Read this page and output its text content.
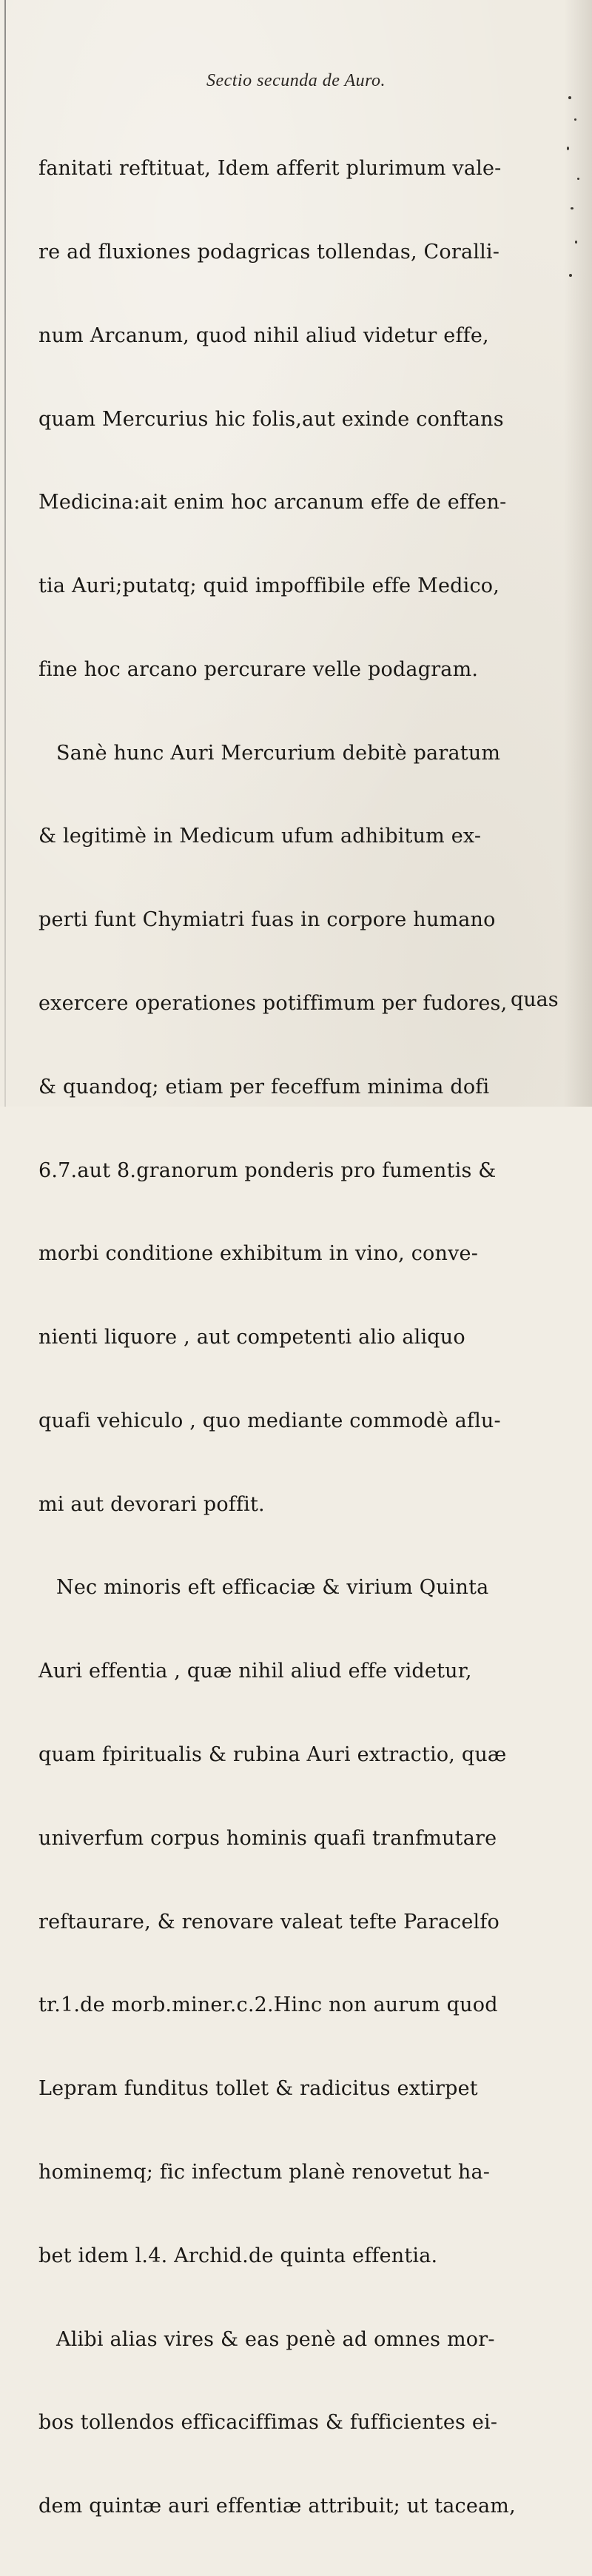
Sectio secunda de Auro.

fanitati reftituat, Idem afferit plurimum vale-

re ad fluxiones podagricas tollendas, Coralli-

num Arcanum, quod nihil aliud videtur effe,

quam Mercurius hic folis,aut exinde conftans

Medicina:ait enim hoc arcanum effe de effen-

tia Auri;putatq; quid impoffibile effe Medico,

fine hoc arcano percurare velle podagram.

Sanè hunc Auri Mercurium debitè paratum

& legitimè in Medicum ufum adhibitum ex-

perti funt Chymiatri fuas in corpore humano

exercere operationes potiffimum per fudores,

& quandoq; etiam per feceffum minima dofi

6.7.aut 8.granorum ponderis pro fumentis &

morbi conditione exhibitum in vino, conve-

nienti liquore , aut competenti alio aliquo

quafi vehiculo , quo mediante commodè aflu-

mi aut devorari poffit.

Nec minoris eft efficaciæ & virium Quinta

Auri effentia , quæ nihil aliud effe videtur,

quam fpiritualis & rubina Auri extractio, quæ

univerfum corpus hominis quafi tranfmutare

reftaurare, & renovare valeat tefte Paracelfo

tr.1.de morb.miner.c.2.Hinc non aurum quod

Lepram funditus tollet & radicitus extirpet

hominemq; fic infectum planè renovetut ha-

bet idem l.4. Archid.de quinta effentia.

Alibi alias vires & eas penè ad omnes mor-

bos tollendos efficaciffimas & fufficientes ei-

dem quintæ auri effentiæ attribuit; ut taceam,

quas
